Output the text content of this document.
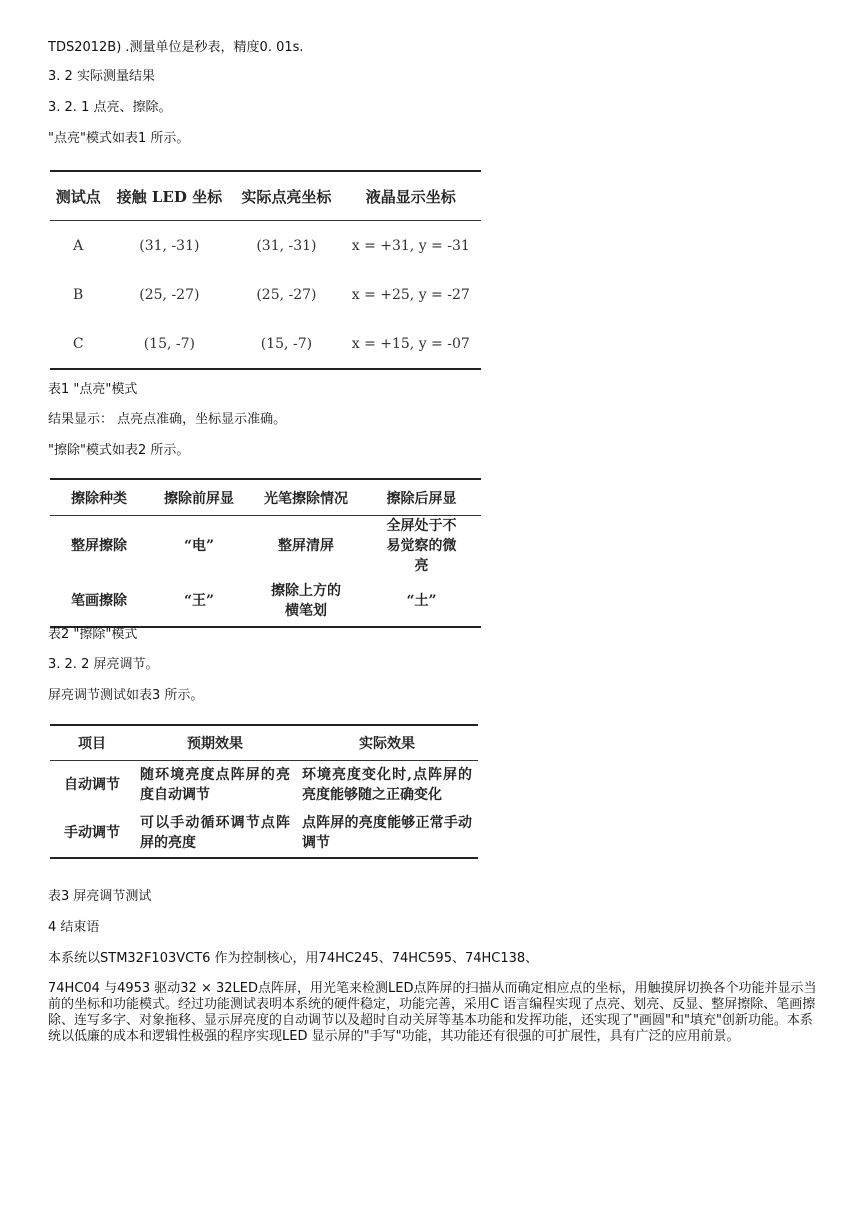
TDS2012B) .测量单位是秒表，精度0. 01s.
3. 2 实际测量结果
3. 2. 1 点亮、擦除。
"点亮"模式如表1 所示。
测试点	接触 LED 坐标	实际点亮坐标	液晶显示坐标
A	(31, -31)	(31, -31)	x = +31, y = -31
B	(25, -27)	(25, -27)	x = +25, y = -27
C	(15, -7)	(15, -7)	x = +15, y = -07
表1 "点亮"模式
结果显示： 点亮点准确，坐标显示准确。
"擦除"模式如表2 所示。
擦除种类	擦除前屏显	光笔擦除情况	擦除后屏显
整屏擦除	“电”	整屏清屏	全屏处于不易觉察的微亮
笔画擦除	“王”	擦除上方的横笔划	“土”
表2 "擦除"模式
3. 2. 2 屏亮调节。
屏亮调节测试如表3 所示。
项目	预期效果	实际效果
自动调节	随环境亮度点阵屏的亮度自动调节	环境亮度变化时,点阵屏的亮度能够随之正确变化
手动调节	可以手动循环调节点阵屏的亮度	点阵屏的亮度能够正常手动调节
表3 屏亮调节测试
4 结束语
本系统以STM32F103VCT6 作为控制核心，用74HC245、74HC595、74HC138、
74HC04 与4953 驱动32 × 32LED点阵屏，用光笔来检测LED点阵屏的扫描从而确定相应点的坐标，用触摸屏切换各个功能并显示当前的坐标和功能模式。经过功能测试表明本系统的硬件稳定，功能完善，采用C 语言编程实现了点亮、划亮、反显、整屏擦除、笔画擦除、连写多字、对象拖移、显示屏亮度的自动调节以及超时自动关屏等基本功能和发挥功能，还实现了"画圆"和"填充"创新功能。本系统以低廉的成本和逻辑性极强的程序实现LED 显示屏的"手写"功能，其功能还有很强的可扩展性，具有广泛的应用前景。
